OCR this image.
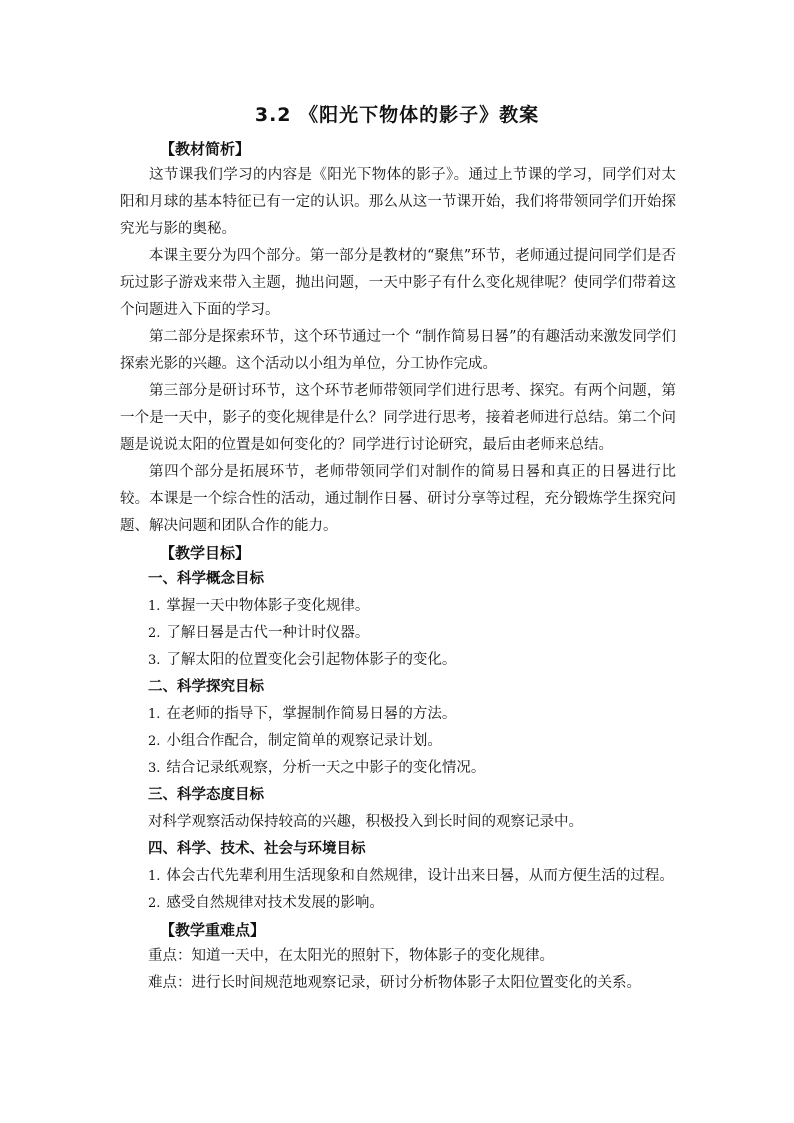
3.2 《阳光下物体的影子》教案

【教材简析】

这节课我们学习的内容是《阳光下物体的影子》。通过上节课的学习，同学们对太阳和月球的基本特征已有一定的认识。那么从这一节课开始，我们将带领同学们开始探究光与影的奥秘。

本课主要分为四个部分。第一部分是教材的“聚焦”环节，老师通过提问同学们是否玩过影子游戏来带入主题，抛出问题，一天中影子有什么变化规律呢？使同学们带着这个问题进入下面的学习。

第二部分是探索环节，这个环节通过一个 “制作简易日晷”的有趣活动来激发同学们探索光影的兴趣。这个活动以小组为单位，分工协作完成。

第三部分是研讨环节，这个环节老师带领同学们进行思考、探究。有两个问题，第一个是一天中，影子的变化规律是什么？同学进行思考，接着老师进行总结。第二个问题是说说太阳的位置是如何变化的？同学进行讨论研究，最后由老师来总结。

第四个部分是拓展环节，老师带领同学们对制作的简易日晷和真正的日晷进行比较。本课是一个综合性的活动，通过制作日晷、研讨分享等过程，充分锻炼学生探究问题、解决问题和团队合作的能力。

【教学目标】

一、科学概念目标

1. 掌握一天中物体影子变化规律。

2. 了解日晷是古代一种计时仪器。

3. 了解太阳的位置变化会引起物体影子的变化。

二、科学探究目标

1. 在老师的指导下，掌握制作简易日晷的方法。

2. 小组合作配合，制定简单的观察记录计划。

3. 结合记录纸观察，分析一天之中影子的变化情况。

三、科学态度目标

对科学观察活动保持较高的兴趣，积极投入到长时间的观察记录中。

四、科学、技术、社会与环境目标

1. 体会古代先辈利用生活现象和自然规律，设计出来日晷，从而方便生活的过程。

2. 感受自然规律对技术发展的影响。

【教学重难点】

重点：知道一天中，在太阳光的照射下，物体影子的变化规律。

难点：进行长时间规范地观察记录，研讨分析物体影子太阳位置变化的关系。
